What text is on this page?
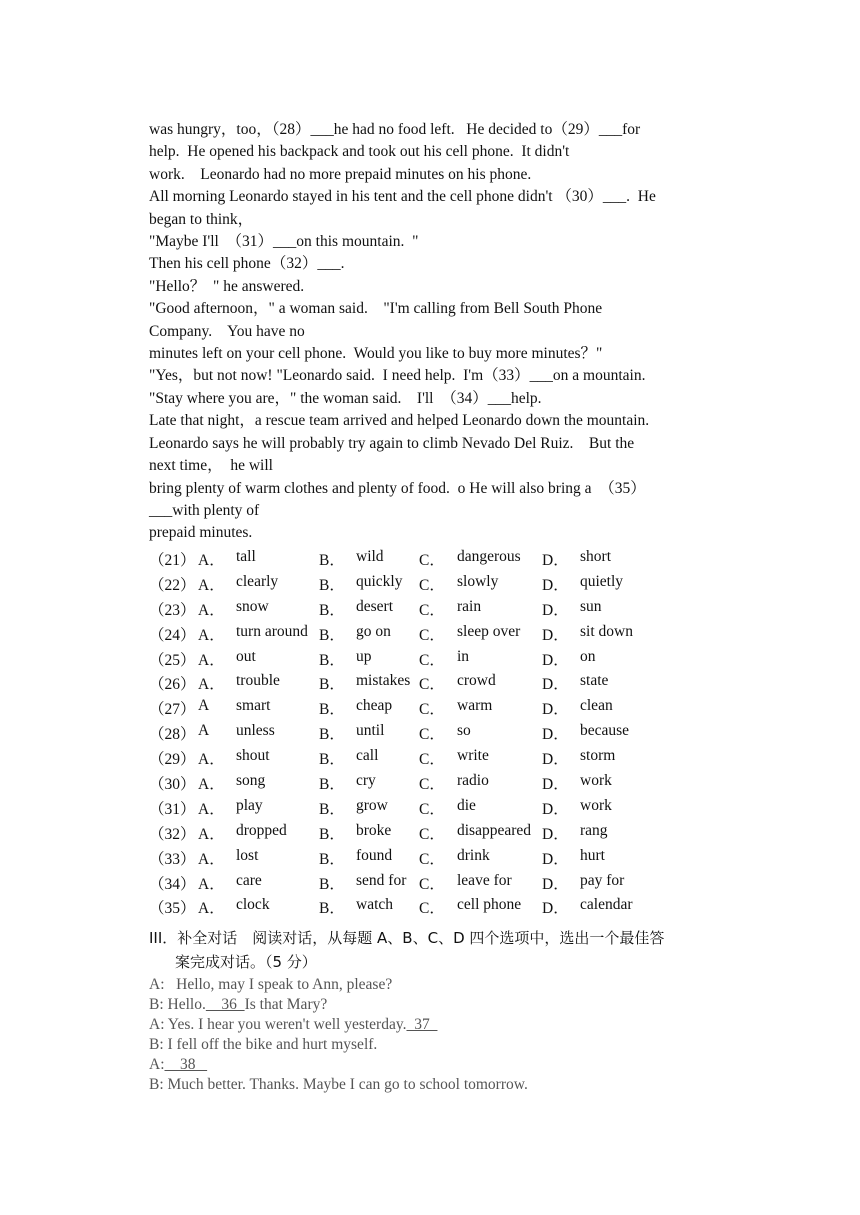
was hungry，too，（28）___he had no food left.   He decided to（29）___for

help.  He opened his backpack and took out his cell phone.  It didn't

work.    Leonardo had no more prepaid minutes on his phone.

All morning Leonardo stayed in his tent and the cell phone didn't （30）___.  He

began to think，

"Maybe I'll  （31）___on this mountain.  "

Then his cell phone（32）___.

"Hello？  " he answered.

"Good afternoon，" a woman said.    "I'm calling from Bell South Phone

Company.    You have no

minutes left on your cell phone.  Would you like to buy more minutes？"

"Yes，but not now! "Leonardo said.  I need help.  I'm（33）___on a mountain.

"Stay where you are，" the woman said.    I'll  （34）___help.

Late that night，a rescue team arrived and helped Leonardo down the mountain.

Leonardo says he will probably try again to climb Nevado Del Ruiz.    But the

next time，  he will

bring plenty of warm clothes and plenty of food.  o He will also bring a  （35）

___with plenty of

prepaid minutes.

（21） A． tall	B． wild C． dangerous D． short
（22） A． clearly	B． quickly C． slowly	D． quietly
（23） A． snow	B． desert C． rain	D． sun
（24） A． turn around B． go on C． sleep over D． sit down
（25） A． out	B． up	C． in	D． on
（26） A． trouble	B． mistakes C． crowd	D． state
（27） A smart	B． cheap C． warm	D． clean
（28） A unless	B． until C． so	D． because
（29） A． shout	B． call	C． write	D． storm
（30） A． song	B． cry	C． radio	D． work
（31） A． play	B． grow C． die	D． work
（32） A． dropped B． broke C． disappeared D． rang
（33） A． lost	B． found C． drink	D． hurt
（34） A． care	B． send for C． leave for D． pay for
（35） A． clock	B． watch C． cell phone D． calendar
III．补全对话　阅读对话，从每题 A、B、C、D 四个选项中，选出一个最佳答
案完成对话。（5 分）

A:   Hello, may I speak to Ann, please?

B: Hello.    36  Is that Mary?

A: Yes. I hear you weren't well yesterday.  37

B: I fell off the bike and hurt myself.

A:    38

B: Much better. Thanks. Maybe I can go to school tomorrow.
